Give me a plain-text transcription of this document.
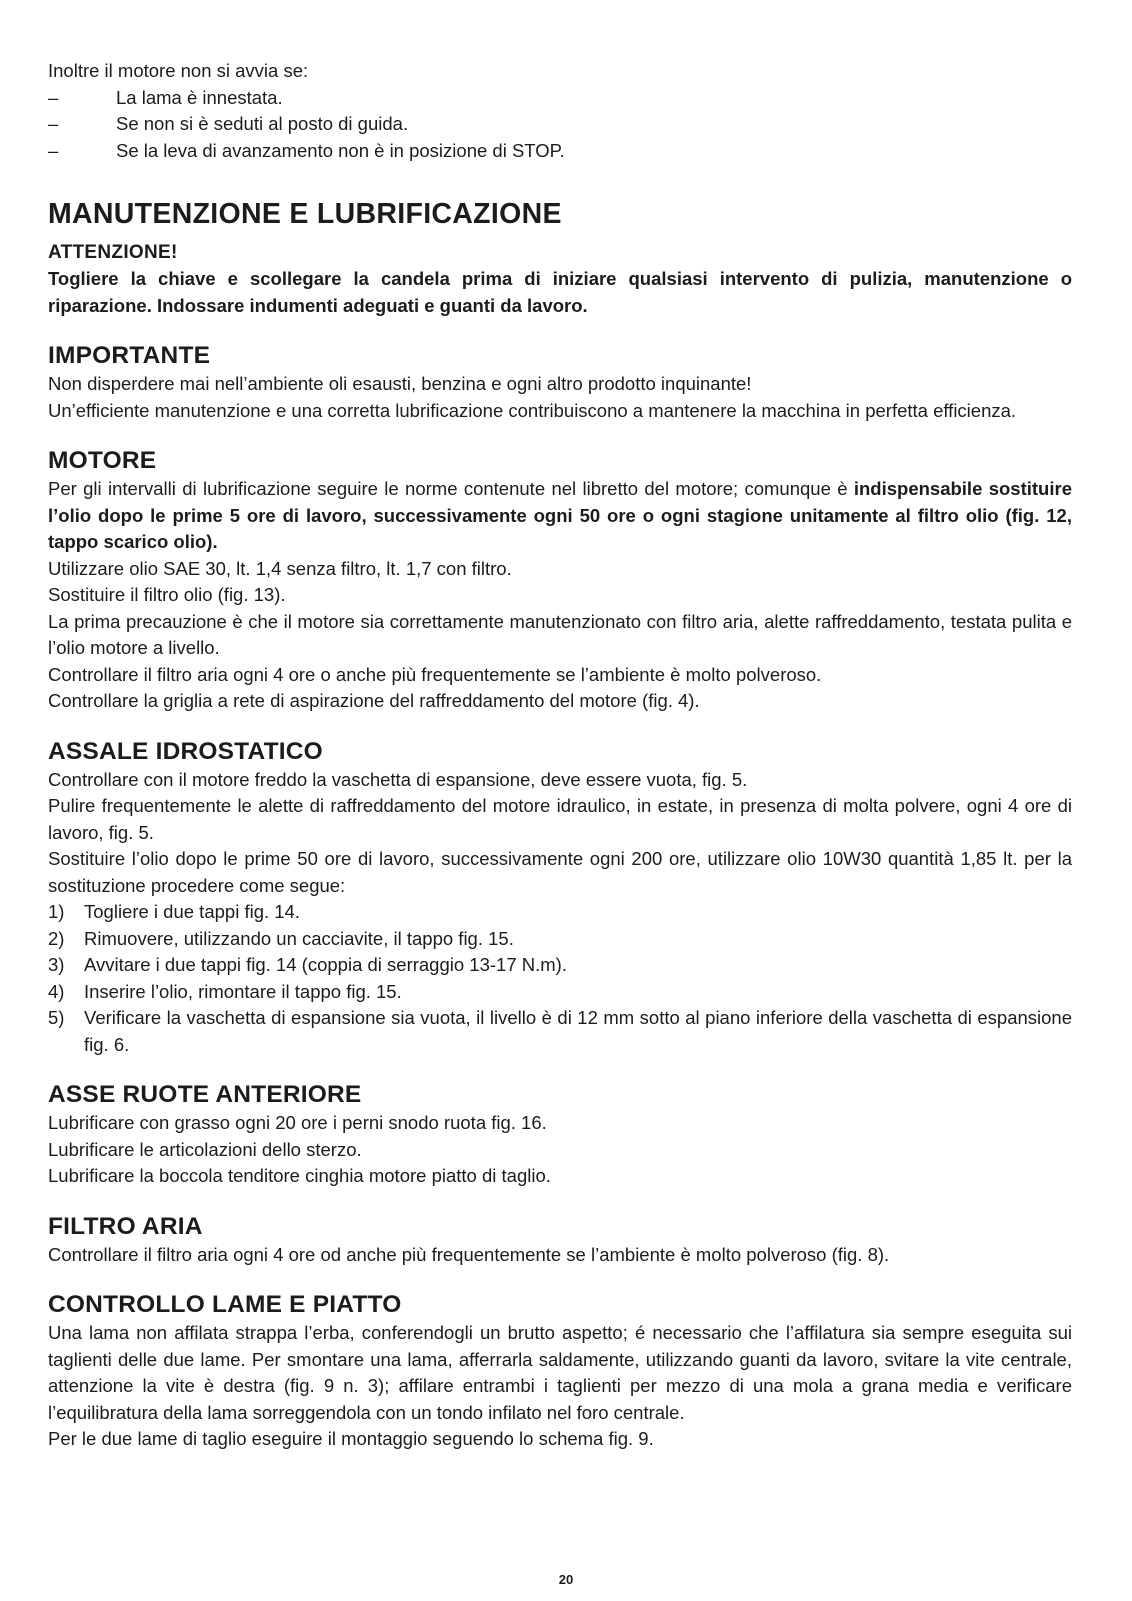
Inoltre il motore non si avvia se:

–	La lama è innestata.
–	Se non si è seduti al posto di guida.
–	Se la leva di avanzamento non è in posizione di STOP.
MANUTENZIONE E LUBRIFICAZIONE
ATTENZIONE!

Togliere la chiave e scollegare la candela prima di iniziare qualsiasi intervento di pulizia, manutenzione o riparazione. Indossare indumenti adeguati e guanti da lavoro.

IMPORTANTE

Non disperdere mai nell’ambiente oli esausti, benzina e ogni altro prodotto inquinante!

Un’efficiente manutenzione e una corretta lubrificazione contribuiscono a mantenere la macchina in perfetta efficienza.

MOTORE

Per gli intervalli di lubrificazione seguire le norme contenute nel libretto del motore; comunque è indispensabile sostituire l’olio dopo le prime 5 ore di lavoro, successivamente ogni 50 ore o ogni stagione unitamente al filtro olio (fig. 12, tappo scarico olio).

Utilizzare olio SAE 30, lt. 1,4 senza filtro, lt. 1,7 con filtro.

Sostituire il filtro olio (fig. 13).

La prima precauzione è che il motore sia correttamente manutenzionato con filtro aria, alette raffreddamento, testata pulita e l’olio motore a livello.

Controllare il filtro aria ogni 4 ore o anche più frequentemente se l’ambiente è molto polveroso.

Controllare la griglia a rete di aspirazione del raffreddamento del motore (fig. 4).

ASSALE IDROSTATICO

Controllare con il motore freddo la vaschetta di espansione, deve essere vuota, fig. 5.

Pulire frequentemente le alette di raffreddamento del motore idraulico, in estate, in presenza di molta polvere, ogni 4 ore di lavoro, fig. 5.

Sostituire l’olio dopo le prime 50 ore di lavoro, successivamente ogni 200 ore, utilizzare olio 10W30 quantità 1,85 lt. per la sostituzione procedere come segue:

1)	Togliere i due tappi fig. 14.
2)	Rimuovere, utilizzando un cacciavite, il tappo fig. 15.
3)	Avvitare i due tappi fig. 14 (coppia di serraggio 13-17 N.m).
4)	Inserire l’olio, rimontare il tappo fig. 15.
5)	Verificare la vaschetta di espansione sia vuota, il livello è di 12 mm sotto al piano inferiore della vaschetta di espansione fig. 6.
ASSE RUOTE ANTERIORE

Lubrificare con grasso ogni 20 ore i perni snodo ruota fig. 16.

Lubrificare le articolazioni dello sterzo.

Lubrificare la boccola tenditore cinghia motore piatto di taglio.

FILTRO ARIA

Controllare il filtro aria ogni 4 ore od anche più frequentemente se l’ambiente è molto polveroso (fig. 8).

CONTROLLO LAME E PIATTO

Una lama non affilata strappa l’erba, conferendogli un brutto aspetto; é necessario che l’affilatura sia sempre eseguita sui taglienti delle due lame. Per smontare una lama, afferrarla saldamente, utilizzando guanti da lavoro, svitare la vite centrale, attenzione la vite è destra (fig. 9 n. 3); affilare entrambi i taglienti per mezzo di una mola a grana media e verificare l’equilibratura della lama sorreggendola con un tondo infilato nel foro centrale.

Per le due lame di taglio eseguire il montaggio seguendo lo schema fig. 9.

20
